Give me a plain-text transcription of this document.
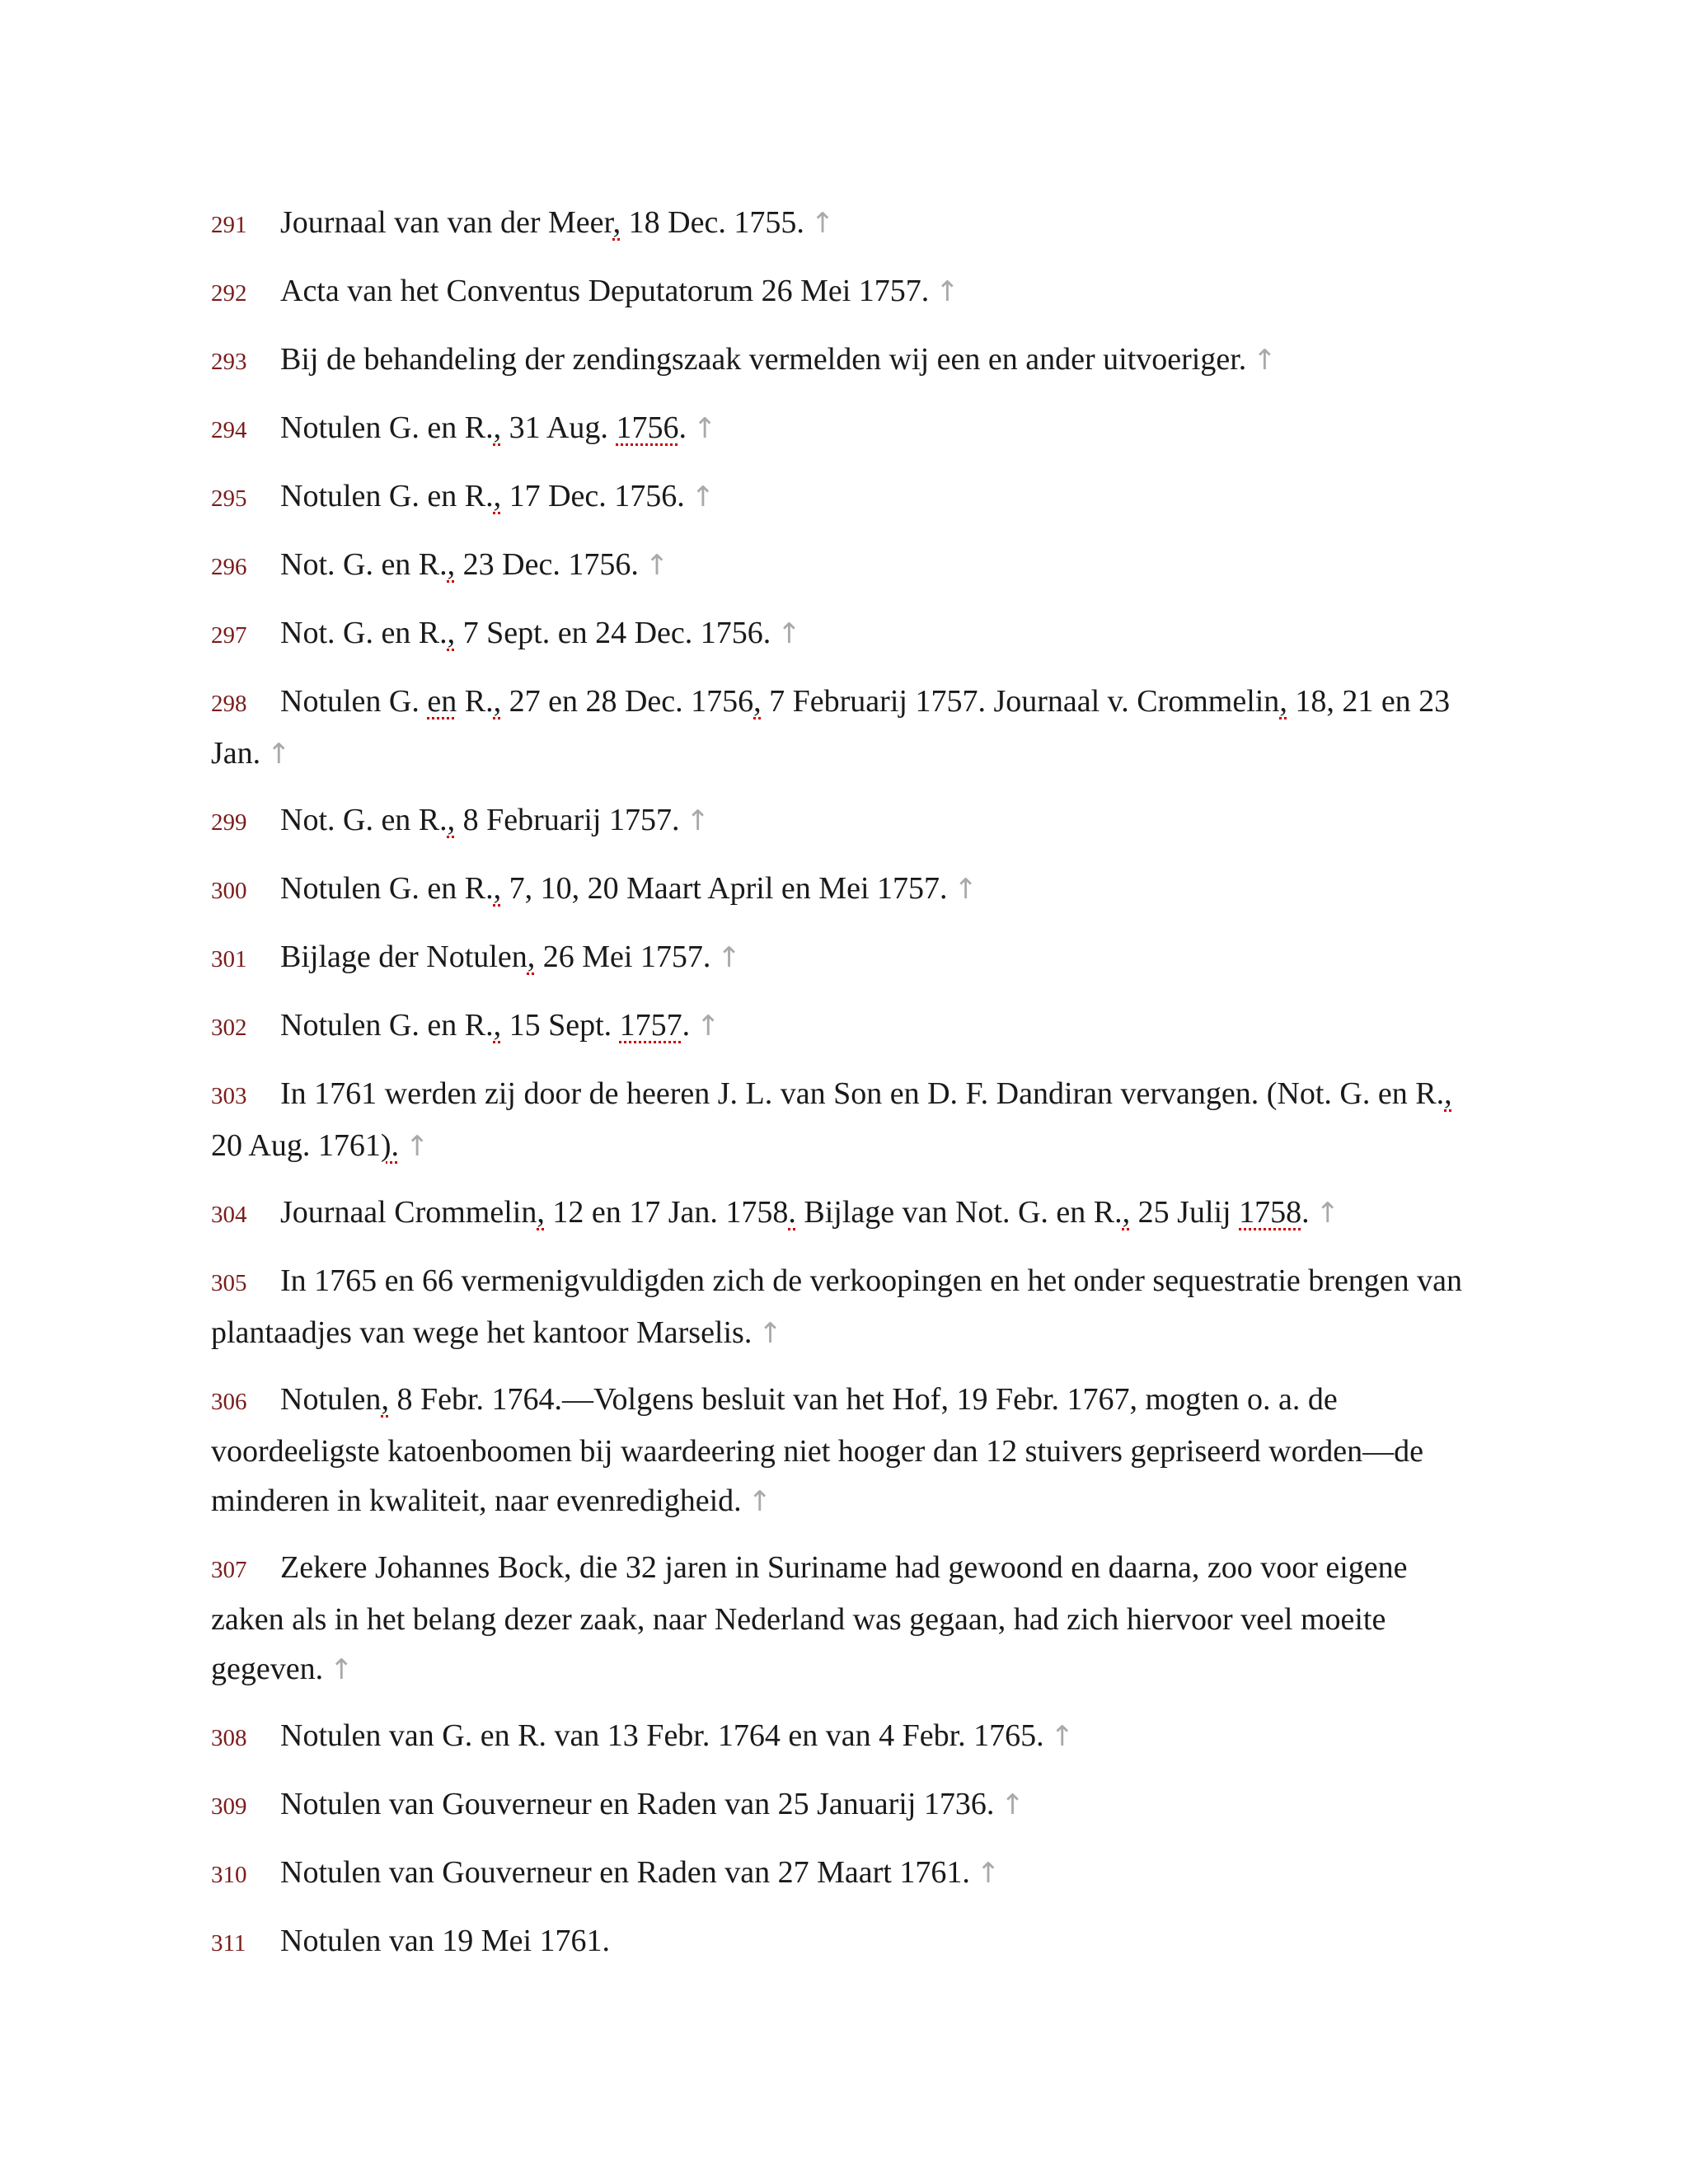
291 Journaal van van der Meer, 18 Dec. 1755. ↑

292 Acta van het Conventus Deputatorum 26 Mei 1757. ↑

293 Bij de behandeling der zendingszaak vermelden wij een en ander uitvoeriger. ↑

294 Notulen G. en R., 31 Aug. 1756. ↑

295 Notulen G. en R., 17 Dec. 1756. ↑

296 Not. G. en R., 23 Dec. 1756. ↑

297 Not. G. en R., 7 Sept. en 24 Dec. 1756. ↑

298 Notulen G. en R., 27 en 28 Dec. 1756, 7 Februarij 1757. Journaal v. Crommelin, 18, 21 en 23 Jan. ↑

299 Not. G. en R., 8 Februarij 1757. ↑

300 Notulen G. en R., 7, 10, 20 Maart April en Mei 1757. ↑

301 Bijlage der Notulen, 26 Mei 1757. ↑

302 Notulen G. en R., 15 Sept. 1757. ↑

303 In 1761 werden zij door de heeren J. L. van Son en D. F. Dandiran vervangen. (Not. G. en R., 20 Aug. 1761). ↑

304 Journaal Crommelin, 12 en 17 Jan. 1758. Bijlage van Not. G. en R., 25 Julij 1758. ↑

305 In 1765 en 66 vermenigvuldigden zich de verkoopingen en het onder sequestratie brengen van plantaadjes van wege het kantoor Marselis. ↑

306 Notulen, 8 Febr. 1764.—Volgens besluit van het Hof, 19 Febr. 1767, mogten o. a. de voordeeligste katoenboomen bij waardeering niet hooger dan 12 stuivers gepriseerd worden—de minderen in kwaliteit, naar evenredigheid. ↑

307 Zekere Johannes Bock, die 32 jaren in Suriname had gewoond en daarna, zoo voor eigene zaken als in het belang dezer zaak, naar Nederland was gegaan, had zich hiervoor veel moeite gegeven. ↑

308 Notulen van G. en R. van 13 Febr. 1764 en van 4 Febr. 1765. ↑

309 Notulen van Gouverneur en Raden van 25 Januarij 1736. ↑

310 Notulen van Gouverneur en Raden van 27 Maart 1761. ↑

311 Notulen van 19 Mei 1761.
